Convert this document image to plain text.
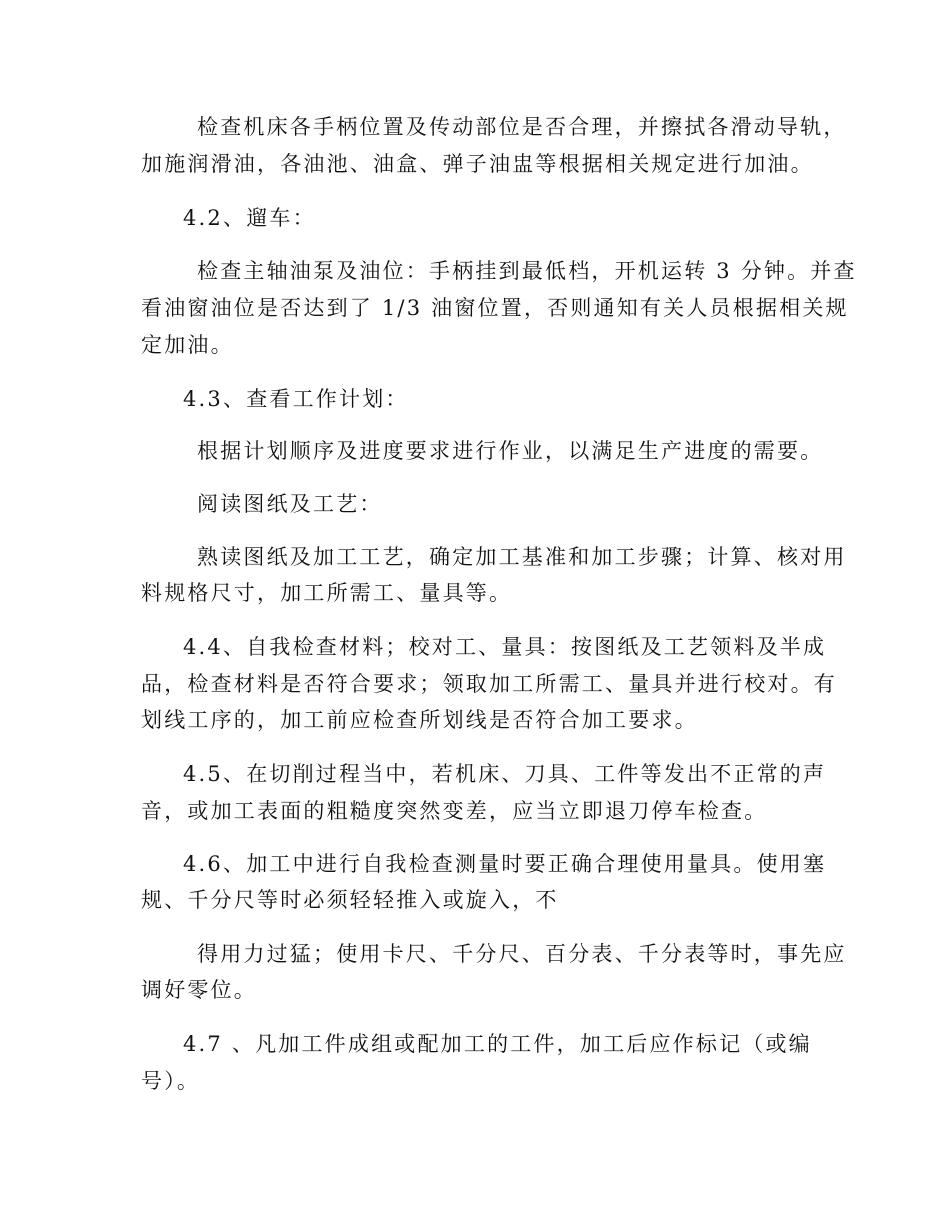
检查机床各手柄位置及传动部位是否合理，并擦拭各滑动导轨，
加施润滑油，各油池、油盒、弹子油盅等根据相关规定进行加油。
4.2、遛车：
检查主轴油泵及油位：手柄挂到最低档，开机运转 3 分钟。并查
看油窗油位是否达到了 1/3 油窗位置，否则通知有关人员根据相关规
定加油。
4.3、查看工作计划：
根据计划顺序及进度要求进行作业，以满足生产进度的需要。
阅读图纸及工艺：
熟读图纸及加工工艺，确定加工基准和加工步骤；计算、核对用
料规格尺寸，加工所需工、量具等。
4.4、自我检查材料；校对工、量具：按图纸及工艺领料及半成
品，检查材料是否符合要求；领取加工所需工、量具并进行校对。有
划线工序的，加工前应检查所划线是否符合加工要求。
4.5、在切削过程当中，若机床、刀具、工件等发出不正常的声
音，或加工表面的粗糙度突然变差，应当立即退刀停车检查。
4.6、加工中进行自我检查测量时要正确合理使用量具。使用塞
规、千分尺等时必须轻轻推入或旋入，不
得用力过猛；使用卡尺、千分尺、百分表、千分表等时，事先应
调好零位。
4.7 、凡加工件成组或配加工的工件，加工后应作标记（或编
号）。
